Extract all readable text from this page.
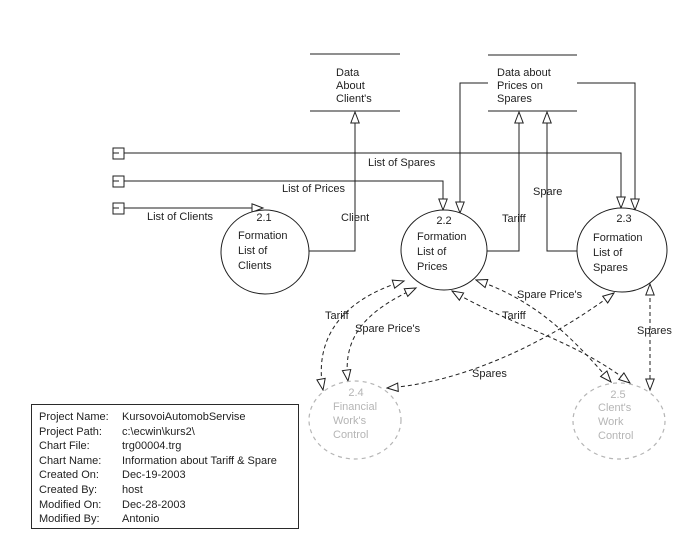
Data
About
Client's
Data about
Prices on
Spares
2.1
Formation
List of
Clients
2.2
Formation
List of
Prices
2.3
Formation
List of
Spares
2.4
Financial
Work's
Control
2.5
Clent's
Work
Control
List of Spares
List of Prices
List of Clients	Client	Tariff
Spare
Tariff
Spare Price's
Spare Price's
Tariff
Spares
Spares
Project Name:	KursovoiAutomobServise
Project Path:	c:\ecwin\kurs2\
Chart File:	trg00004.trg
Chart Name:	Information about Tariff & Spare
Created On:	Dec-19-2003
Created By:	host
Modified On:	Dec-28-2003
Modified By:	Antonio
